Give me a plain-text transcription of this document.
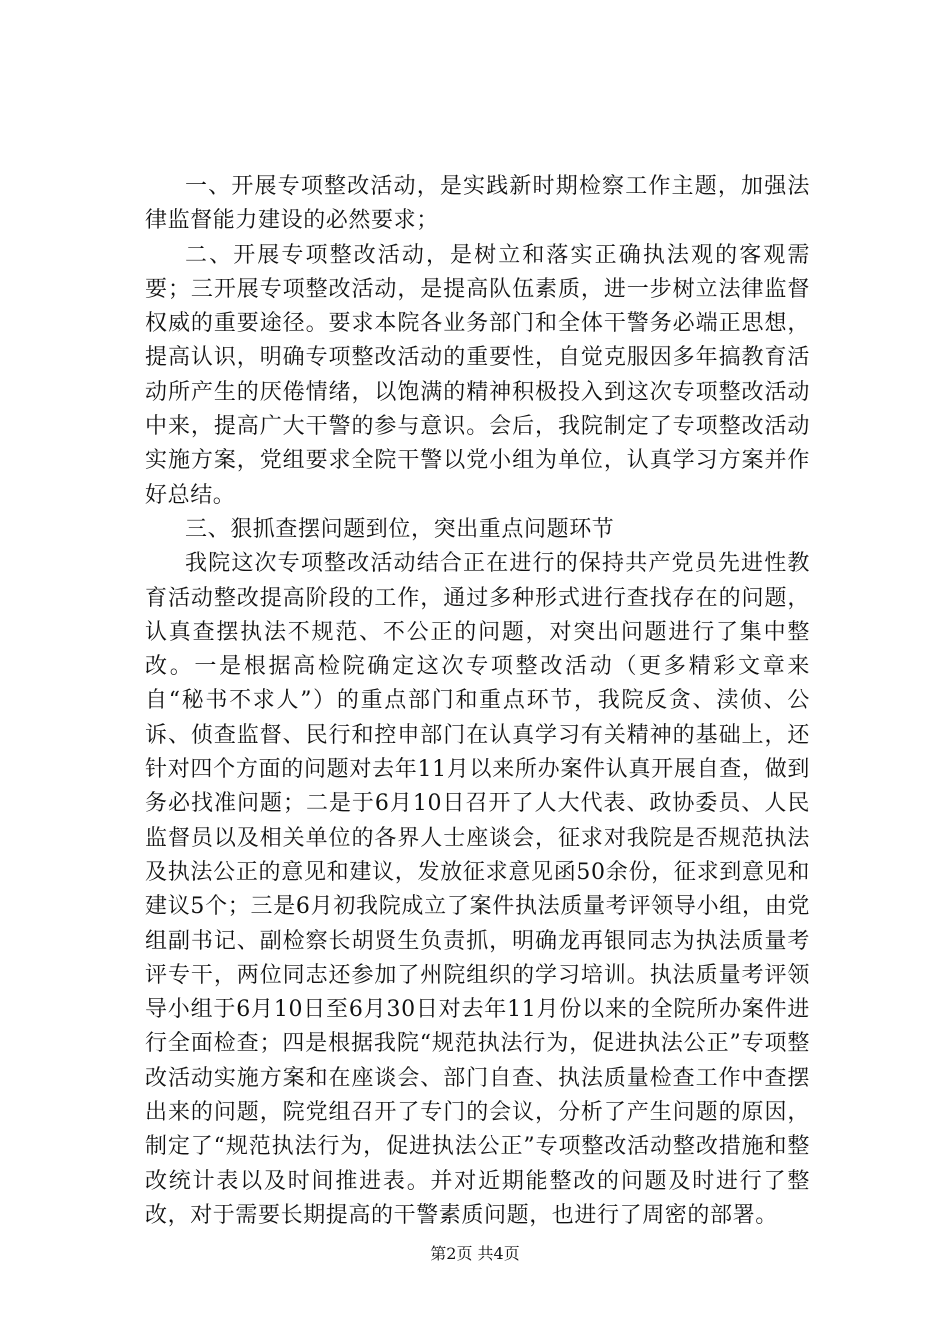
一、开展专项整改活动，是实践新时期检察工作主题，加强法律监督能力建设的必然要求；

二、开展专项整改活动，是树立和落实正确执法观的客观需要；三开展专项整改活动，是提高队伍素质，进一步树立法律监督权威的重要途径。要求本院各业务部门和全体干警务必端正思想，提高认识，明确专项整改活动的重要性，自觉克服因多年搞教育活动所产生的厌倦情绪，以饱满的精神积极投入到这次专项整改活动中来，提高广大干警的参与意识。会后，我院制定了专项整改活动实施方案，党组要求全院干警以党小组为单位，认真学习方案并作好总结。

三、狠抓查摆问题到位，突出重点问题环节

我院这次专项整改活动结合正在进行的保持共产党员先进性教育活动整改提高阶段的工作，通过多种形式进行查找存在的问题，认真查摆执法不规范、不公正的问题，对突出问题进行了集中整改。一是根据高检院确定这次专项整改活动（更多精彩文章来自“秘书不求人”）的重点部门和重点环节，我院反贪、渎侦、公诉、侦查监督、民行和控申部门在认真学习有关精神的基础上，还针对四个方面的问题对去年11月以来所办案件认真开展自查，做到务必找准问题；二是于6月10日召开了人大代表、政协委员、人民监督员以及相关单位的各界人士座谈会，征求对我院是否规范执法及执法公正的意见和建议，发放征求意见函50余份，征求到意见和建议5个；三是6月初我院成立了案件执法质量考评领导小组，由党组副书记、副检察长胡贤生负责抓，明确龙再银同志为执法质量考评专干，两位同志还参加了州院组织的学习培训。执法质量考评领导小组于6月10日至6月30日对去年11月份以来的全院所办案件进行全面检查；四是根据我院“规范执法行为，促进执法公正”专项整改活动实施方案和在座谈会、部门自查、执法质量检查工作中查摆出来的问题，院党组召开了专门的会议，分析了产生问题的原因，制定了“规范执法行为，促进执法公正”专项整改活动整改措施和整改统计表以及时间推进表。并对近期能整改的问题及时进行了整改，对于需要长期提高的干警素质问题，也进行了周密的部署。

第2页 共4页
